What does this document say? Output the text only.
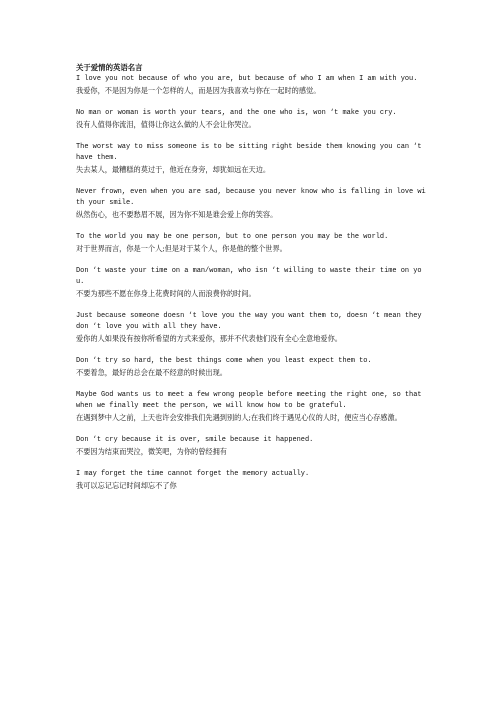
关于爱情的英语名言
I love you not because of who you are, but because of who I am when I am with you.
我爱你，不是因为你是一个怎样的人，而是因为我喜欢与你在一起时的感觉。
No man or woman is worth your tears, and the one who is, won ‘t make you cry.
没有人值得你流泪，值得让你这么做的人不会让你哭泣。
The worst way to miss someone is to be sitting right beside them knowing you can ‘t have them.
失去某人，最糟糕的莫过于，他近在身旁，却犹如远在天边。
Never frown, even when you are sad, because you never know who is falling in love with your smile.
纵然伤心，也不要愁眉不展，因为你不知是谁会爱上你的笑容。
To the world you may be one person, but to one person you may be the world.
对于世界而言，你是一个人;但是对于某个人，你是他的整个世界。
Don ‘t waste your time on a man/woman, who isn ‘t willing to waste their time on you.
不要为那些不愿在你身上花费时间的人而浪费你的时间。
Just because someone doesn ‘t love you the way you want them to, doesn ‘t mean they don ‘t love you with all they have.
爱你的人如果没有按你所希望的方式来爱你，那并不代表他们没有全心全意地爱你。
Don ‘t try so hard, the best things come when you least expect them to.
不要着急，最好的总会在最不经意的时候出现。
Maybe God wants us to meet a few wrong people before meeting the right one, so that when we finally meet the person, we will know how to be grateful.
在遇到梦中人之前，上天也许会安排我们先遇到别的人;在我们终于遇见心仪的人时，便应当心存感激。
Don ‘t cry because it is over, smile because it happened.
不要因为结束而哭泣，微笑吧，为你的曾经拥有
I may forget the time cannot forget the memory actually.
我可以忘记忘记时间却忘不了你
